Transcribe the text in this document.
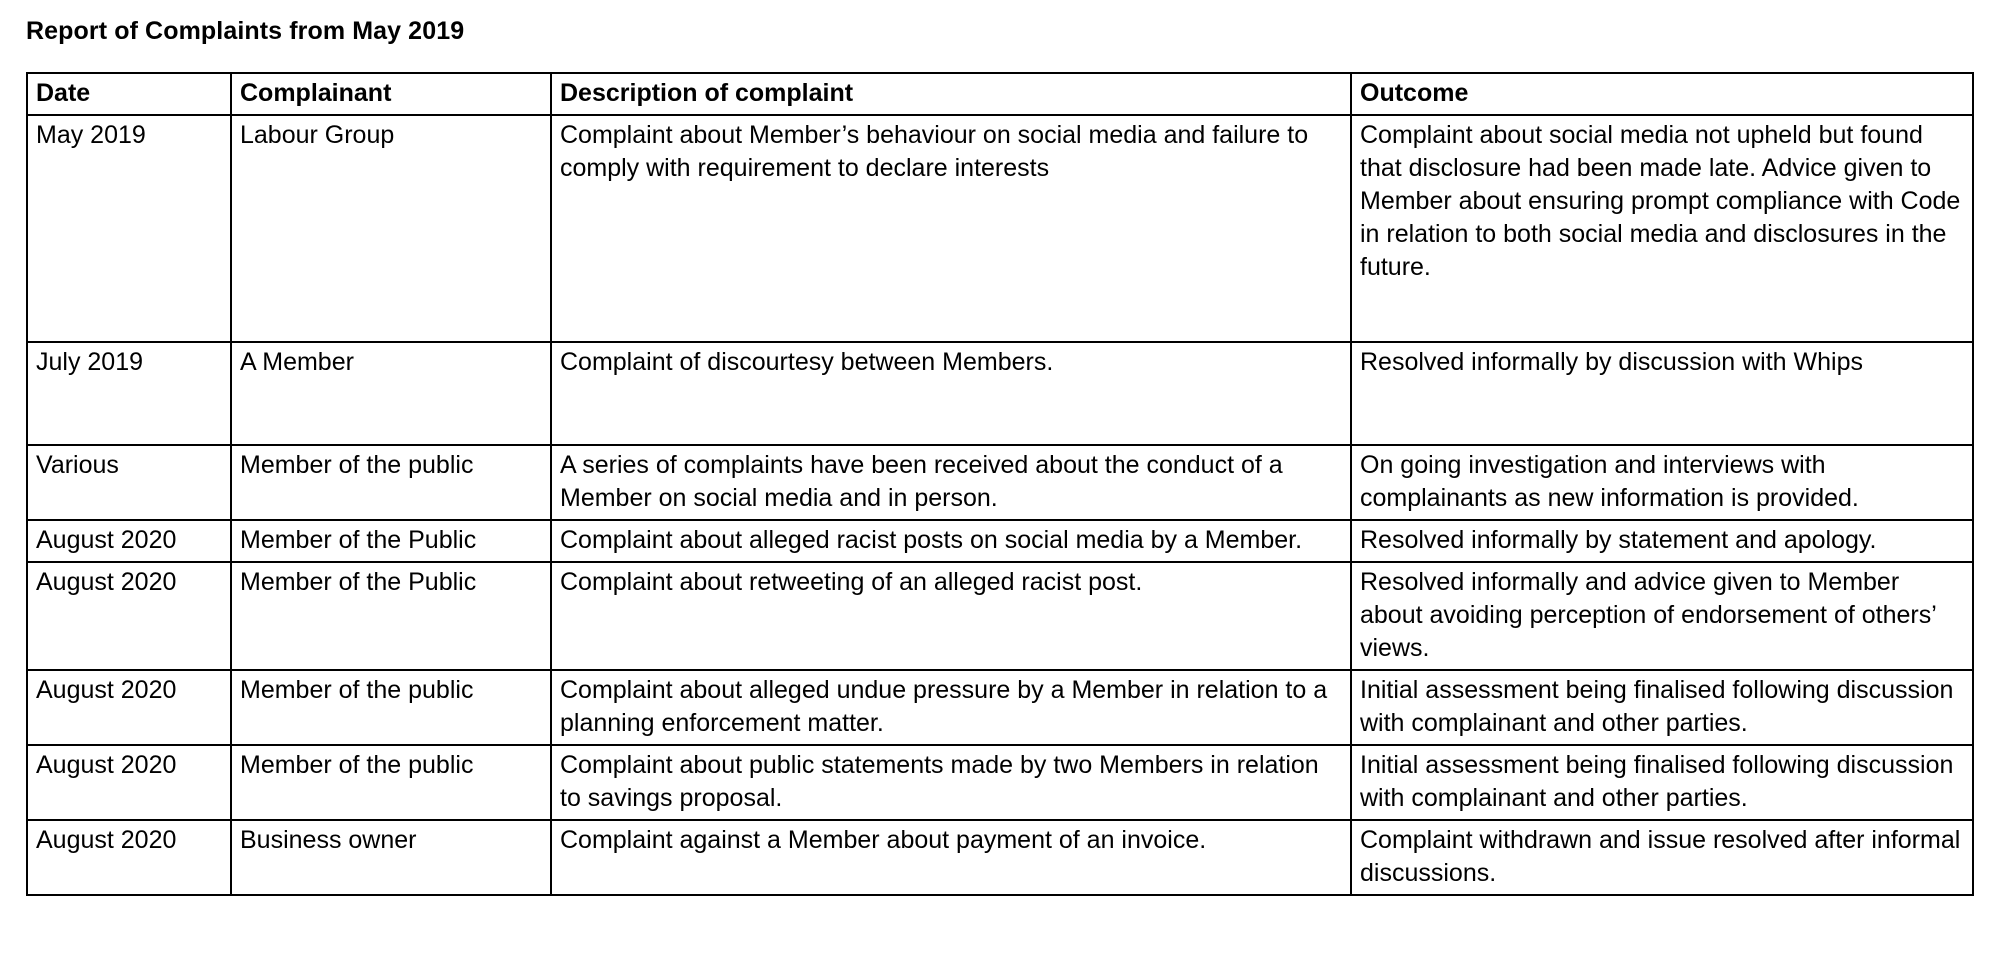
Report of Complaints from May 2019
Date	Complainant	Description of complaint	Outcome
May 2019	Labour Group	Complaint about Member’s behaviour on social media and failure to comply with requirement to declare interests	Complaint about social media not upheld but found that disclosure had been made late. Advice given to Member about ensuring prompt compliance with Code in relation to both social media and disclosures in the future.
July 2019	A Member	Complaint of discourtesy between Members.	Resolved informally by discussion with Whips
Various	Member of the public	A series of complaints have been received about the conduct of a Member on social media and in person.	On going investigation and interviews with complainants as new information is provided.
August 2020	Member of the Public	Complaint about alleged racist posts on social media by a Member.	Resolved informally by statement and apology.
August 2020	Member of the Public	Complaint about retweeting of an alleged racist post.	Resolved informally and advice given to Member about avoiding perception of endorsement of others’ views.
August 2020	Member of the public	Complaint about alleged undue pressure by a Member in relation to a planning enforcement matter.	Initial assessment being finalised following discussion with complainant and other parties.
August 2020	Member of the public	Complaint about public statements made by two Members in relation to savings proposal.	Initial assessment being finalised following discussion with complainant and other parties.
August 2020	Business owner	Complaint against a Member about payment of an invoice.	Complaint withdrawn and issue resolved after informal discussions.
